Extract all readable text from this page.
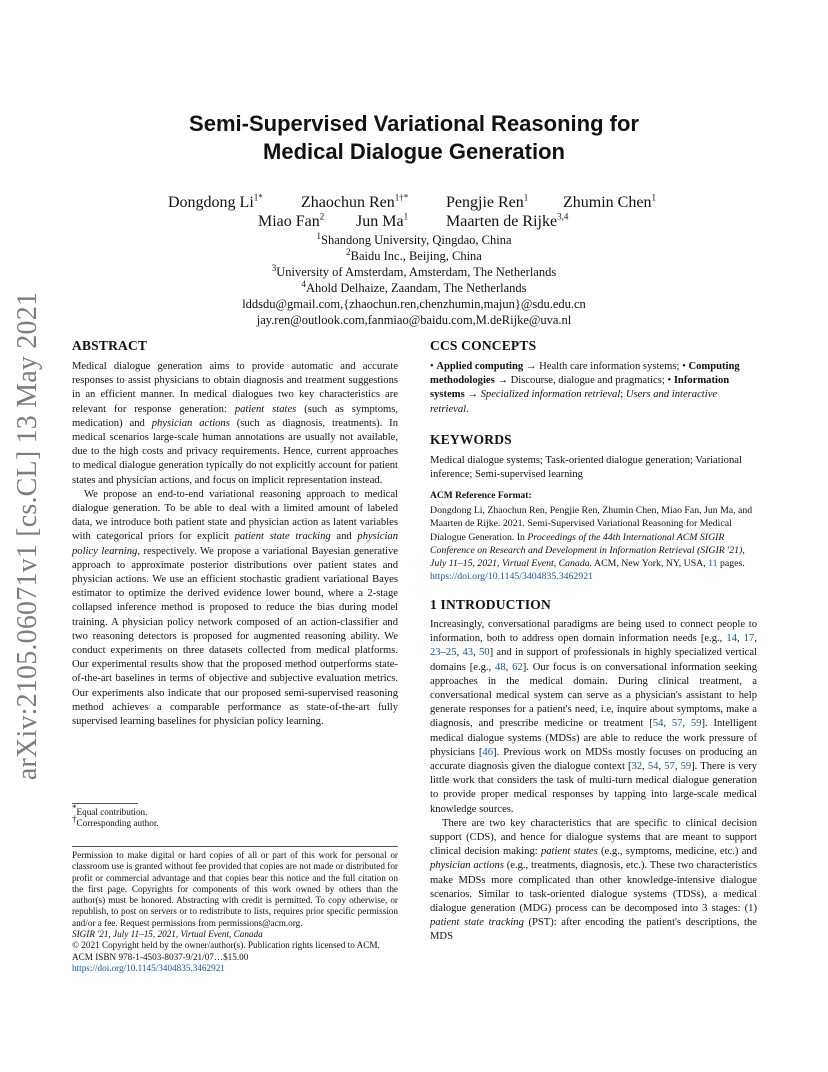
arXiv:2105.06071v1 [cs.CL] 13 May 2021
Semi-Supervised Variational Reasoning for
Medical Dialogue Generation
Dongdong $Li^{1*}$ Zhaochun Ren$^{1\dagger*}$ Pengjie Ren$^1$ Zhumin Chen$^1$
Miao Fan$^2$ Jun Ma$^1$ Maarten de Rijke$^{3,4}$
$^1$Shandong University, Qingdao, China
$^2$Baidu Inc., Beijing, China
$^3$University of Amsterdam, Amsterdam, The Netherlands
$^4$Ahold Delhaize, Zaandam, The Netherlands
lddsdu@gmail.com,{zhaochun.ren,chenzhumin,majun}@sdu.edu.cn
jay.ren@outlook.com,fanmiao@baidu.com,M.deRijke@uva.nl
ABSTRACT

Medical dialogue generation aims to provide automatic and accurate responses to assist physicians to obtain diagnosis and treatment suggestions in an efficient manner. In medical dialogues two key characteristics are relevant for response generation: patient states (such as symptoms, medication) and physician actions (such as diagnosis, treatments). In medical scenarios large-scale human annotations are usually not available, due to the high costs and privacy requirements. Hence, current approaches to medical dialogue generation typically do not explicitly account for patient states and physician actions, and focus on implicit representation instead.

We propose an end-to-end variational reasoning approach to medical dialogue generation. To be able to deal with a limited amount of labeled data, we introduce both patient state and physician action as latent variables with categorical priors for explicit patient state tracking and physician policy learning, respectively. We propose a variational Bayesian generative approach to approximate posterior distributions over patient states and physician actions. We use an efficient stochastic gradient variational Bayes estimator to optimize the derived evidence lower bound, where a 2-stage collapsed inference method is proposed to reduce the bias during model training. A physician policy network composed of an action-classifier and two reasoning detectors is proposed for augmented reasoning ability. We conduct experiments on three datasets collected from medical platforms. Our experimental results show that the proposed method outperforms state-of-the-art baselines in terms of objective and subjective evaluation metrics. Our experiments also indicate that our proposed semi-supervised reasoning method achieves a comparable performance as state-of-the-art fully supervised learning baselines for physician policy learning.

*Equal contribution.
†Corresponding author.
Permission to make digital or hard copies of all or part of this work for personal or classroom use is granted without fee provided that copies are not made or distributed for profit or commercial advantage and that copies bear this notice and the full citation on the first page. Copyrights for components of this work owned by others than the author(s) must be honored. Abstracting with credit is permitted. To copy otherwise, or republish, to post on servers or to redistribute to lists, requires prior specific permission and/or a fee. Request permissions from permissions@acm.org.
SIGIR '21, July 11–15, 2021, Virtual Event, Canada
© 2021 Copyright held by the owner/author(s). Publication rights licensed to ACM.
ACM ISBN 978-1-4503-8037-9/21/07…$15.00
https://doi.org/10.1145/3404835.3462921
CCS CONCEPTS

• Applied computing → Health care information systems; • Computing methodologies → Discourse, dialogue and pragmatics; • Information systems → Specialized information retrieval; Users and interactive retrieval.

KEYWORDS

Medical dialogue systems; Task-oriented dialogue generation; Variational inference; Semi-supervised learning

ACM Reference Format:
Dongdong Li, Zhaochun Ren, Pengjie Ren, Zhumin Chen, Miao Fan, Jun Ma, and Maarten de Rijke. 2021. Semi-Supervised Variational Reasoning for Medical Dialogue Generation. In Proceedings of the 44th International ACM SIGIR Conference on Research and Development in Information Retrieval (SIGIR '21), July 11–15, 2021, Virtual Event, Canada. ACM, New York, NY, USA, 11 pages. https://doi.org/10.1145/3404835.3462921
1 INTRODUCTION

Increasingly, conversational paradigms are being used to connect people to information, both to address open domain information needs [e.g., 14, 17, 23–25, 43, 50] and in support of professionals in highly specialized vertical domains [e.g., 48, 62]. Our focus is on conversational information seeking approaches in the medical domain. During clinical treatment, a conversational medical system can serve as a physician's assistant to help generate responses for a patient's need, i.e, inquire about symptoms, make a diagnosis, and prescribe medicine or treatment [54, 57, 59]. Intelligent medical dialogue systems (MDSs) are able to reduce the work pressure of physicians [46]. Previous work on MDSs mostly focuses on producing an accurate diagnosis given the dialogue context [32, 54, 57, 59]. There is very little work that considers the task of multi-turn medical dialogue generation to provide proper medical responses by tapping into large-scale medical knowledge sources.

There are two key characteristics that are specific to clinical decision support (CDS), and hence for dialogue systems that are meant to support clinical decision making: patient states (e.g., symptoms, medicine, etc.) and physician actions (e.g., treatments, diagnosis, etc.). These two characteristics make MDSs more complicated than other knowledge-intensive dialogue scenarios. Similar to task-oriented dialogue systems (TDSs), a medical dialogue generation (MDG) process can be decomposed into 3 stages: (1) patient state tracking (PST): after encoding the patient's descriptions, the MDS
